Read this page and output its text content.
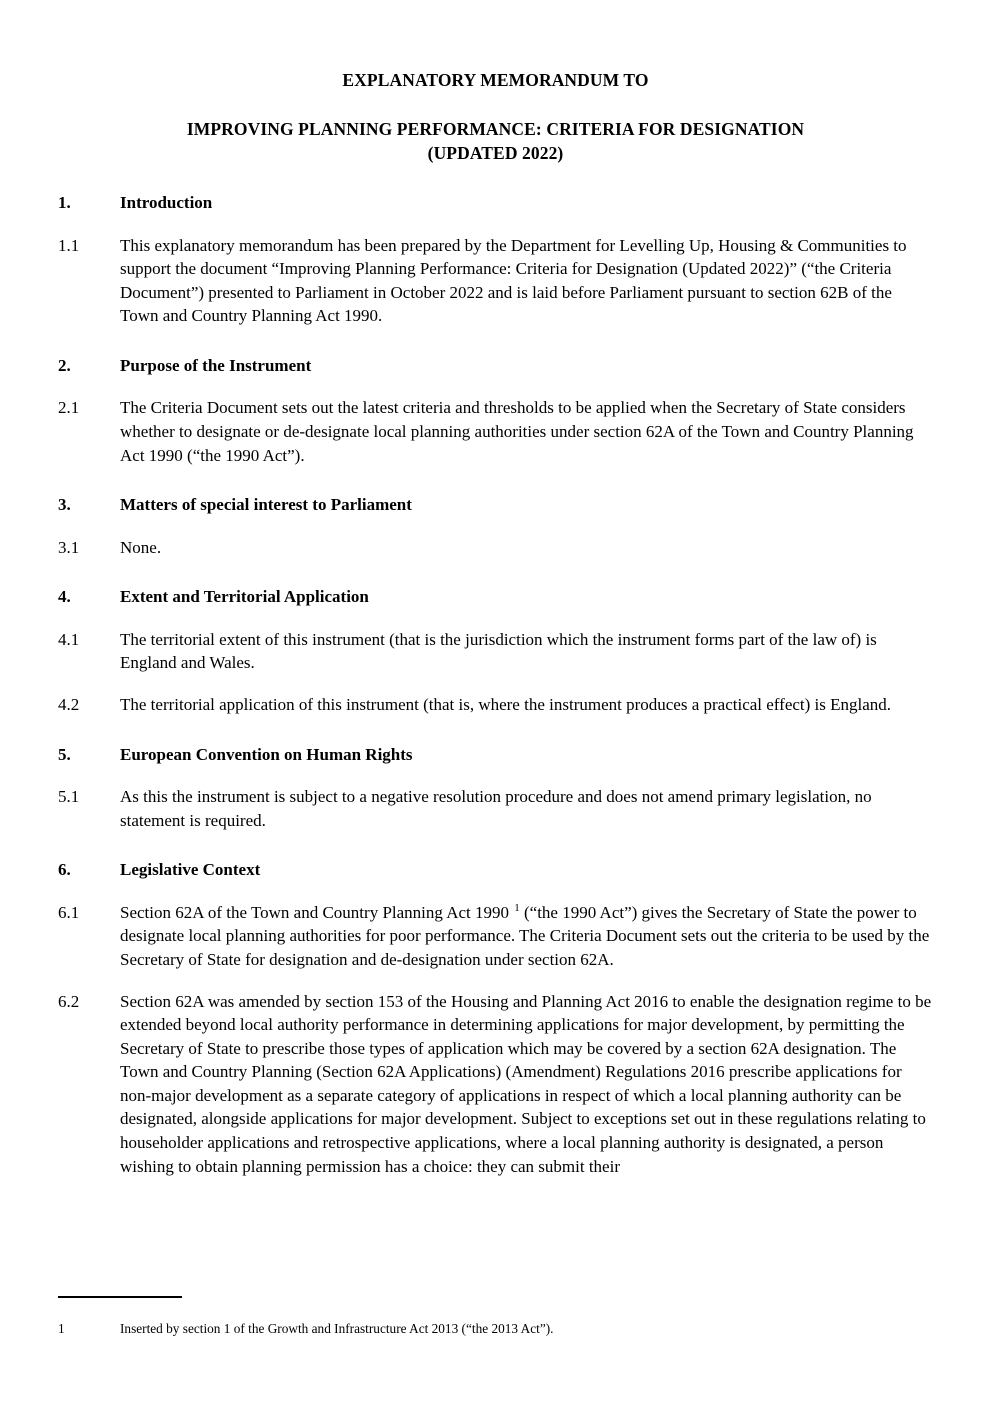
EXPLANATORY MEMORANDUM TO
IMPROVING PLANNING PERFORMANCE: CRITERIA FOR DESIGNATION
(UPDATED 2022)
1.	Introduction
1.1	This explanatory memorandum has been prepared by the Department for Levelling Up, Housing & Communities to support the document “Improving Planning Performance: Criteria for Designation (Updated 2022)” (“the Criteria Document”) presented to Parliament in October 2022 and is laid before Parliament pursuant to section 62B of the Town and Country Planning Act 1990.
2.	Purpose of the Instrument
2.1	The Criteria Document sets out the latest criteria and thresholds to be applied when the Secretary of State considers whether to designate or de-designate local planning authorities under section 62A of the Town and Country Planning Act 1990 (“the 1990 Act”).
3.	Matters of special interest to Parliament
3.1	None.
4.	Extent and Territorial Application
4.1	The territorial extent of this instrument (that is the jurisdiction which the instrument forms part of the law of) is England and Wales.
4.2	The territorial application of this instrument (that is, where the instrument produces a practical effect) is England.
5.	European Convention on Human Rights
5.1	As this the instrument is subject to a negative resolution procedure and does not amend primary legislation, no statement is required.
6.	Legislative Context
6.1	Section 62A of the Town and Country Planning Act 1990 $^1$ (“the 1990 Act”) gives the Secretary of State the power to designate local planning authorities for poor performance. The Criteria Document sets out the criteria to be used by the Secretary of State for designation and de-designation under section 62A.
6.2	Section 62A was amended by section 153 of the Housing and Planning Act 2016 to enable the designation regime to be extended beyond local authority performance in determining applications for major development, by permitting the Secretary of State to prescribe those types of application which may be covered by a section 62A designation. The Town and Country Planning (Section 62A Applications) (Amendment) Regulations 2016 prescribe applications for non-major development as a separate category of applications in respect of which a local planning authority can be designated, alongside applications for major development. Subject to exceptions set out in these regulations relating to householder applications and retrospective applications, where a local planning authority is designated, a person wishing to obtain planning permission has a choice: they can submit their
1	Inserted by section 1 of the Growth and Infrastructure Act 2013 (“the 2013 Act”).
